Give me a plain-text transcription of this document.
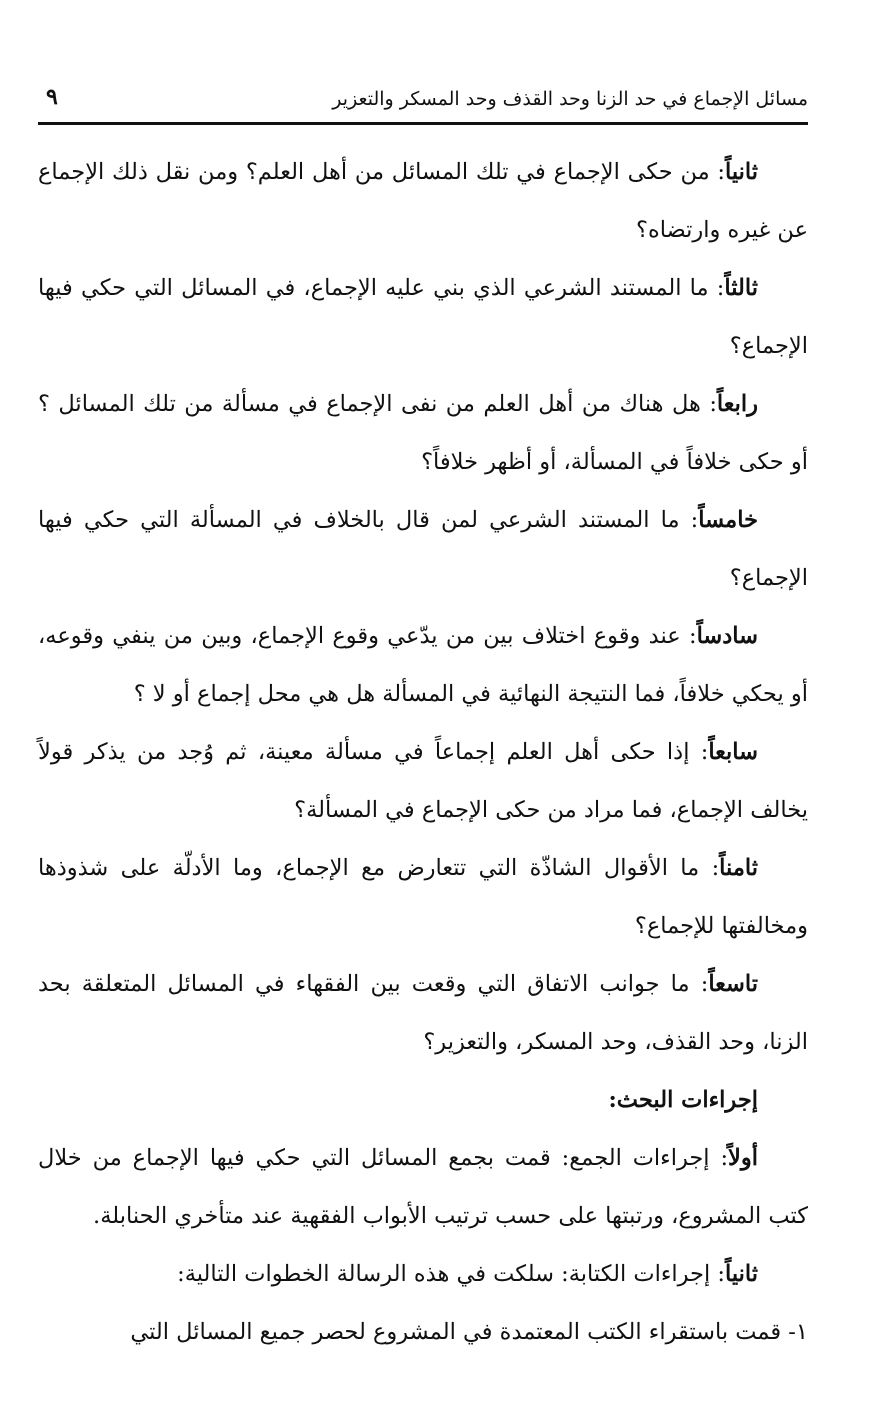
مسائل الإجماع في حد الزنا وحد القذف وحد المسكر والتعزير
٩

ثانياً: من حكى الإجماع في تلك المسائل من أهل العلم؟ ومن نقل ذلك الإجماع عن غيره وارتضاه؟

ثالثاً: ما المستند الشرعي الذي بني عليه الإجماع، في المسائل التي حكي فيها الإجماع؟

رابعاً: هل هناك من أهل العلم من نفى الإجماع في مسألة من تلك المسائل ؟ أو حكى خلافاً في المسألة، أو أظهر خلافاً؟

خامساً: ما المستند الشرعي لمن قال بالخلاف في المسألة التي حكي فيها الإجماع؟

سادساً: عند وقوع اختلاف بين من يدّعي وقوع الإجماع، وبين من ينفي وقوعه، أو يحكي خلافاً، فما النتيجة النهائية في المسألة هل هي محل إجماع أو لا ؟

سابعاً: إذا حكى أهل العلم إجماعاً في مسألة معينة، ثم وُجد من يذكر قولاً يخالف الإجماع، فما مراد من حكى الإجماع في المسألة؟

ثامناً: ما الأقوال الشاذّة التي تتعارض مع الإجماع، وما الأدلّة على شذوذها ومخالفتها للإجماع؟

تاسعاً: ما جوانب الاتفاق التي وقعت بين الفقهاء في المسائل المتعلقة بحد الزنا، وحد القذف، وحد المسكر، والتعزير؟

إجراءات البحث:

أولاً: إجراءات الجمع: قمت بجمع المسائل التي حكي فيها الإجماع من خلال كتب المشروع، ورتبتها على حسب ترتيب الأبواب الفقهية عند متأخري الحنابلة.

ثانياً: إجراءات الكتابة: سلكت في هذه الرسالة الخطوات التالية:

١- قمت باستقراء الكتب المعتمدة في المشروع لحصر جميع المسائل التي
